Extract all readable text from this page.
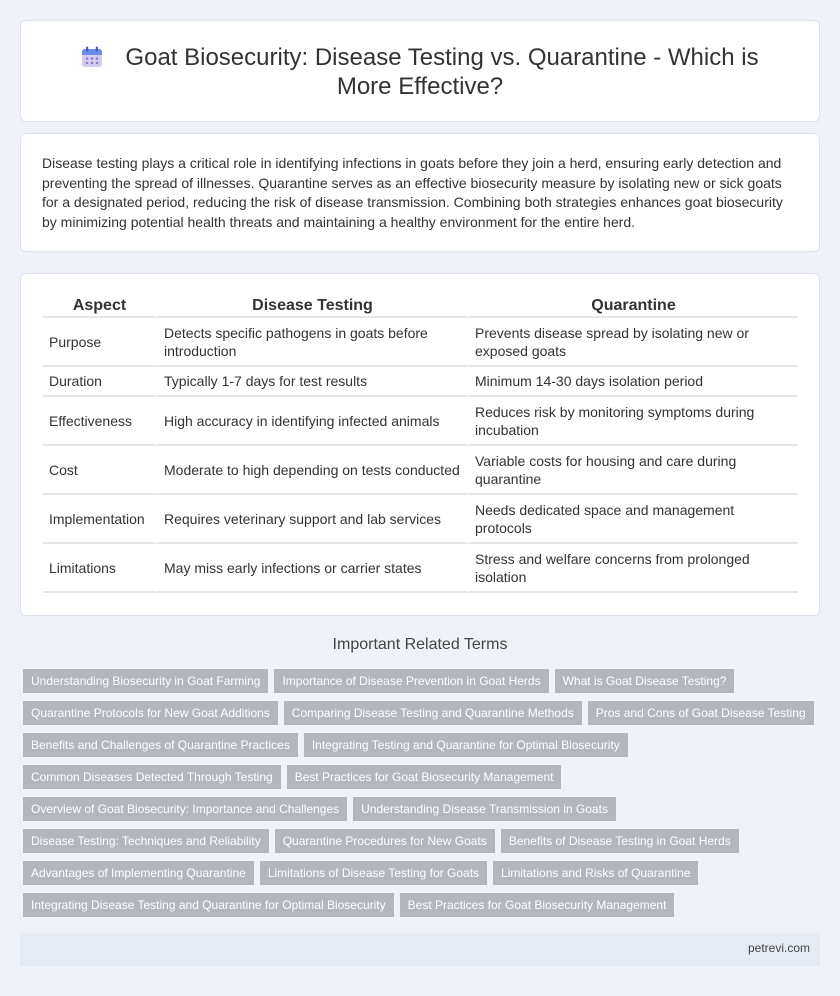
Goat Biosecurity: Disease Testing vs. Quarantine - Which is More Effective?

Disease testing plays a critical role in identifying infections in goats before they join a herd, ensuring early detection and preventing the spread of illnesses. Quarantine serves as an effective biosecurity measure by isolating new or sick goats for a designated period, reducing the risk of disease transmission. Combining both strategies enhances goat biosecurity by minimizing potential health threats and maintaining a healthy environment for the entire herd.

Aspect	Disease Testing	Quarantine
Purpose	Detects specific pathogens in goats before introduction	Prevents disease spread by isolating new or exposed goats
Duration	Typically 1-7 days for test results	Minimum 14-30 days isolation period
Effectiveness	High accuracy in identifying infected animals	Reduces risk by monitoring symptoms during incubation
Cost	Moderate to high depending on tests conducted	Variable costs for housing and care during quarantine
Implementation	Requires veterinary support and lab services	Needs dedicated space and management protocols
Limitations	May miss early infections or carrier states	Stress and welfare concerns from prolonged isolation
Important Related Terms
Understanding Biosecurity in Goat Farming	Importance of Disease Prevention in Goat Herds	What is Goat Disease Testing?
Quarantine Protocols for New Goat Additions	Comparing Disease Testing and Quarantine Methods	Pros and Cons of Goat Disease Testing
Benefits and Challenges of Quarantine Practices	Integrating Testing and Quarantine for Optimal Biosecurity
Common Diseases Detected Through Testing	Best Practices for Goat Biosecurity Management
Overview of Goat Biosecurity: Importance and Challenges	Understanding Disease Transmission in Goats
Disease Testing: Techniques and Reliability	Quarantine Procedures for New Goats	Benefits of Disease Testing in Goat Herds
Advantages of Implementing Quarantine	Limitations of Disease Testing for Goats	Limitations and Risks of Quarantine
Integrating Disease Testing and Quarantine for Optimal Biosecurity	Best Practices for Goat Biosecurity Management
petrevi.com
